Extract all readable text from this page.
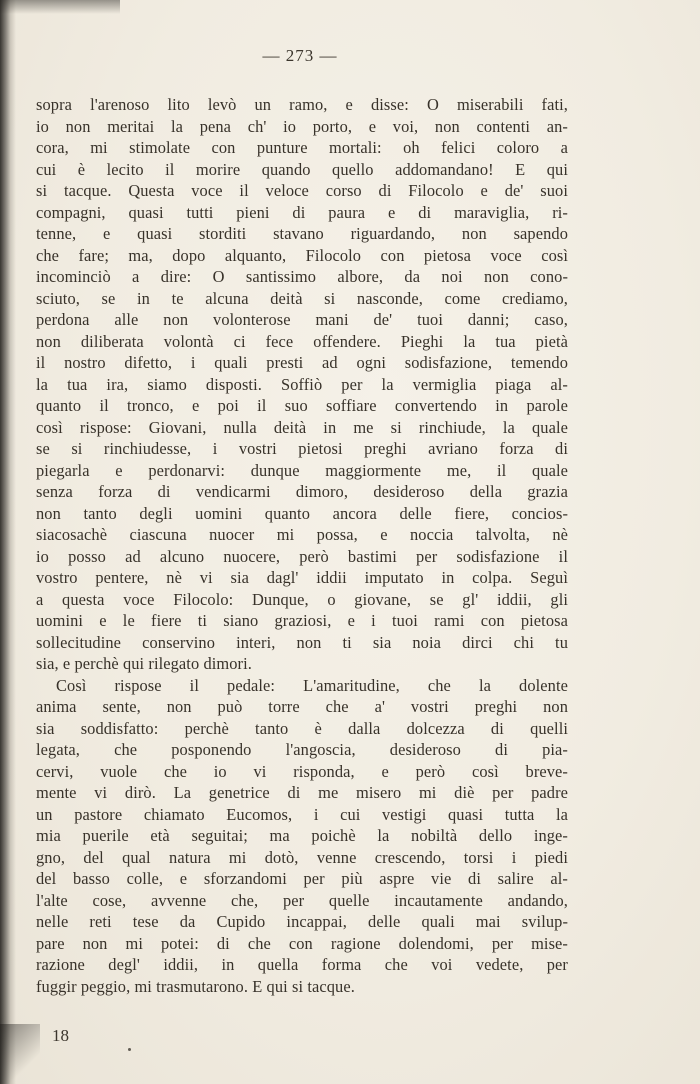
— 273 —
sopra l'arenoso lito levò un ramo, e disse: O miserabili fati,
io non meritai la pena ch' io porto, e voi, non contenti an-
cora, mi stimolate con punture mortali: oh felici coloro a
cui è lecito il morire quando quello addomandano! E qui
si tacque. Questa voce il veloce corso di Filocolo e de' suoi
compagni, quasi tutti pieni di paura e di maraviglia, ri-
tenne, e quasi storditi stavano riguardando, non sapendo
che fare; ma, dopo alquanto, Filocolo con pietosa voce così
incominciò a dire: O santissimo albore, da noi non cono-
sciuto, se in te alcuna deità si nasconde, come crediamo,
perdona alle non volonterose mani de' tuoi danni; caso,
non diliberata volontà ci fece offendere. Pieghi la tua pietà
il nostro difetto, i quali presti ad ogni sodisfazione, temendo
la tua ira, siamo disposti. Soffiò per la vermiglia piaga al-
quanto il tronco, e poi il suo soffiare convertendo in parole
così rispose: Giovani, nulla deità in me si rinchiude, la quale
se si rinchiudesse, i vostri pietosi preghi avriano forza di
piegarla e perdonarvi: dunque maggiormente me, il quale
senza forza di vendicarmi dimoro, desideroso della grazia
non tanto degli uomini quanto ancora delle fiere, concios-
siacosachè ciascuna nuocer mi possa, e noccia talvolta, nè
io posso ad alcuno nuocere, però bastimi per sodisfazione il
vostro pentere, nè vi sia dagl' iddii imputato in colpa. Seguì
a questa voce Filocolo: Dunque, o giovane, se gl' iddii, gli
uomini e le fiere ti siano graziosi, e i tuoi rami con pietosa
sollecitudine conservino interi, non ti sia noia dirci chi tu
sia, e perchè qui rilegato dimori.
Così rispose il pedale: L'amaritudine, che la dolente
anima sente, non può torre che a' vostri preghi non
sia soddisfatto: perchè tanto è dalla dolcezza di quelli
legata, che posponendo l'angoscia, desideroso di pia-
cervi, vuole che io vi risponda, e però così breve-
mente vi dirò. La genetrice di me misero mi diè per padre
un pastore chiamato Eucomos, i cui vestigi quasi tutta la
mia puerile età seguitai; ma poichè la nobiltà dello inge-
gno, del qual natura mi dotò, venne crescendo, torsi i piedi
del basso colle, e sforzandomi per più aspre vie di salire al-
l'alte cose, avvenne che, per quelle incautamente andando,
nelle reti tese da Cupido incappai, delle quali mai svilup-
pare non mi potei: di che con ragione dolendomi, per mise-
razione degl' iddii, in quella forma che voi vedete, per
fuggir peggio, mi trasmutarono. E qui si tacque.
18
